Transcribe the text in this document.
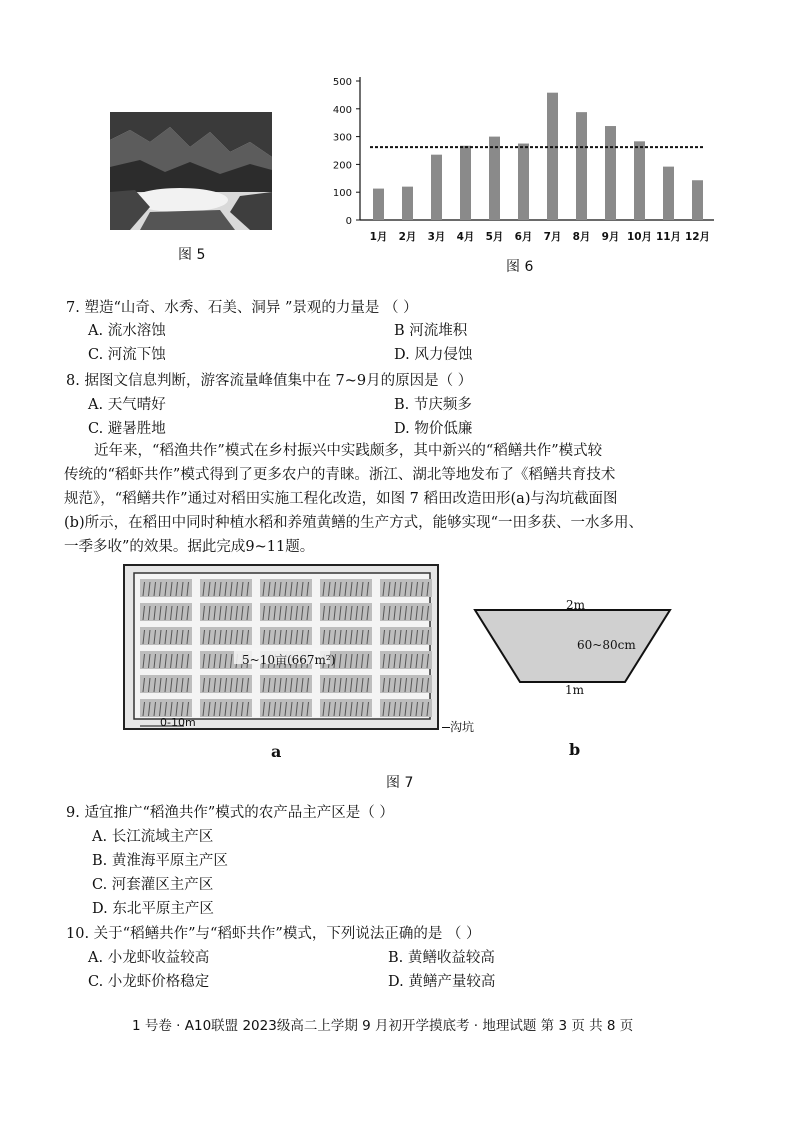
图 5
0
100
200
300
400
500
1月 2月 3月 4月 5月 6月 7月 8月 9月 10月 11月 12月
图 6
7. 塑造“山奇、水秀、石美、洞异 ”景观的力量是 （ ）
A. 流水溶蚀	B 河流堆积
C. 河流下蚀	D. 风力侵蚀
8. 据图文信息判断，游客流量峰值集中在 7~9月的原因是（ ）
A. 天气晴好	B. 节庆频多
C. 避暑胜地	D. 物价低廉
近年来，“稻渔共作”模式在乡村振兴中实践颇多，其中新兴的“稻鳝共作”模式较
传统的“稻虾共作”模式得到了更多农户的青睐。浙江、湖北等地发布了《稻鳝共育技术
规范》，“稻鳝共作”通过对稻田实施工程化改造，如图 7 稻田改造田形(a)与沟坑截面图
(b)所示，在稻田中同时种植水稻和养殖黄鳝的生产方式，能够实现“一田多获、一水多用、
一季多收”的效果。据此完成9~11题。
5~10亩(667m²)
0-10m	沟坑
a
2m
60~80cm
1m
b
图 7
9. 适宜推广“稻渔共作”模式的农产品主产区是（ ）
A. 长江流域主产区
B. 黄淮海平原主产区
C. 河套灌区主产区
D. 东北平原主产区
10. 关于“稻鳝共作”与“稻虾共作”模式，下列说法正确的是 （ ）
A. 小龙虾收益较高	B. 黄鳝收益较高
C. 小龙虾价格稳定	D. 黄鳝产量较高
1 号卷 · A10联盟 2023级高二上学期 9 月初开学摸底考 · 地理试题 第 3 页 共 8 页
